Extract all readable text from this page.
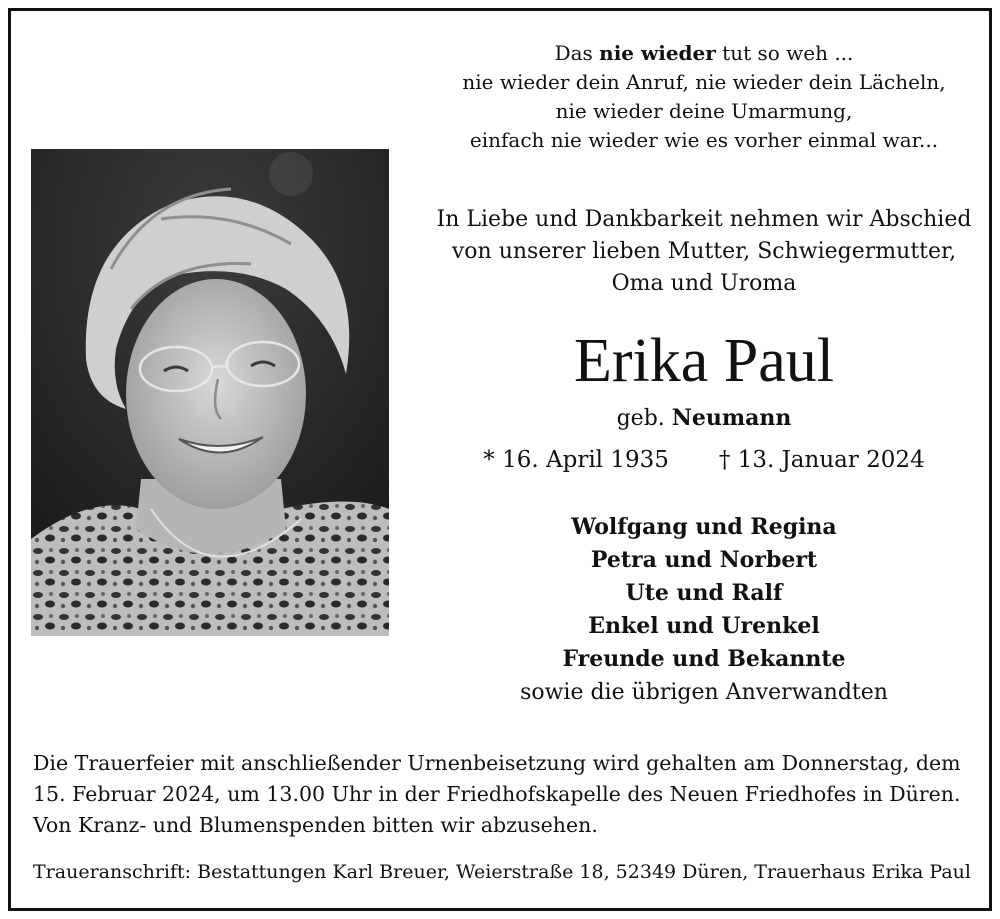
Das nie wieder tut so weh ...
nie wieder dein Anruf, nie wieder dein Lächeln,
nie wieder deine Umarmung,
einfach nie wieder wie es vorher einmal war...
In Liebe und Dankbarkeit nehmen wir Abschied
von unserer lieben Mutter, Schwiegermutter,
Oma und Uroma
Erika Paul
geb. Neumann
* 16. April 1935 † 13. Januar 2024
Wolfgang und Regina
Petra und Norbert
Ute und Ralf
Enkel und Urenkel
Freunde und Bekannte
sowie die übrigen Anverwandten
Die Trauerfeier mit anschließender Urnenbeisetzung wird gehalten am Donnerstag, dem
15. Februar 2024, um 13.00 Uhr in der Friedhofskapelle des Neuen Friedhofes in Düren.
Von Kranz- und Blumenspenden bitten wir abzusehen.
Traueranschrift: Bestattungen Karl Breuer, Weierstraße 18, 52349 Düren, Trauerhaus Erika Paul
